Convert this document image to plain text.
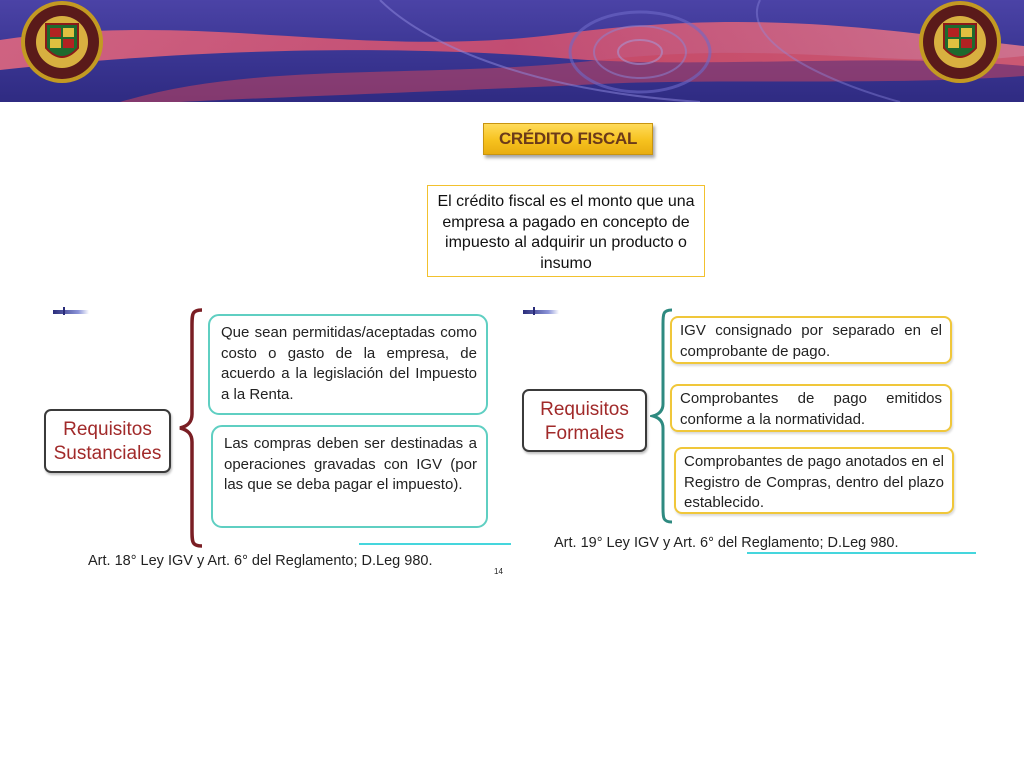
CRÉDITO FISCAL
El crédito fiscal es el monto que una empresa a pagado en concepto de impuesto al adquirir un producto o insumo
Requisitos
Sustanciales
Que sean permitidas/aceptadas como costo o gasto de la empresa, de acuerdo a la legislación del Impuesto a la Renta.
Las compras deben ser destinadas a operaciones gravadas con IGV (por las que se deba pagar el impuesto).
Art. 18° Ley IGV y Art. 6° del Reglamento; D.Leg 980.
14
Requisitos
Formales
IGV consignado por separado en el comprobante de pago.
Comprobantes de pago emitidos conforme a la normatividad.
Comprobantes de pago anotados en el Registro de Compras, dentro del plazo establecido.
Art. 19° Ley IGV y Art. 6° del Reglamento; D.Leg 980.
